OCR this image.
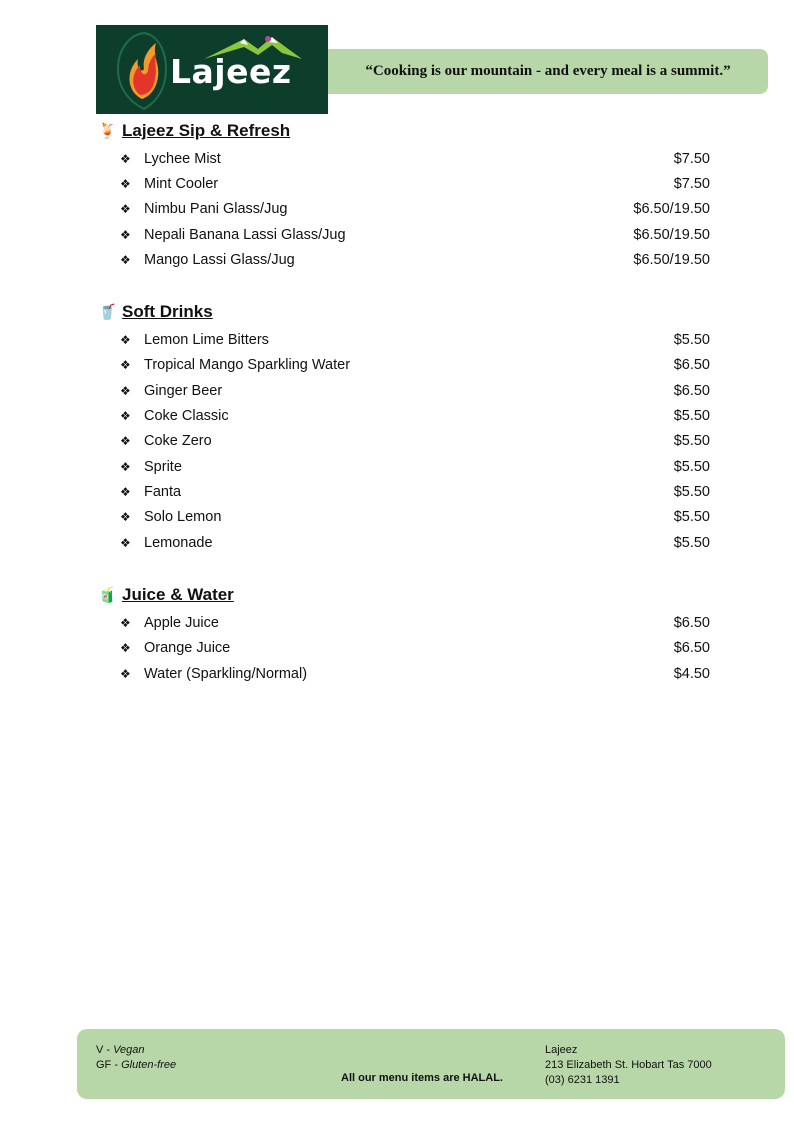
Lajeez	“Cooking is our mountain - and every meal is a summit.”
🍹 Lajeez Sip & Refresh
❖ Lychee Mist	$7.50
❖ Mint Cooler	$7.50
❖ Nimbu Pani Glass/Jug	$6.50/19.50
❖ Nepali Banana Lassi Glass/Jug	$6.50/19.50
❖ Mango Lassi Glass/Jug	$6.50/19.50
🥤 Soft Drinks
❖ Lemon Lime Bitters	$5.50
❖ Tropical Mango Sparkling Water	$6.50
❖ Ginger Beer	$6.50
❖ Coke Classic	$5.50
❖ Coke Zero	$5.50
❖ Sprite	$5.50
❖ Fanta	$5.50
❖ Solo Lemon	$5.50
❖ Lemonade	$5.50
🧃 Juice & Water
❖ Apple Juice	$6.50
❖ Orange Juice	$6.50
❖ Water (Sparkling/Normal)	$4.50
V - Vegan
GF - Gluten-free
All our menu items are HALAL.
Lajeez
213 Elizabeth St. Hobart Tas 7000
(03) 6231 1391
